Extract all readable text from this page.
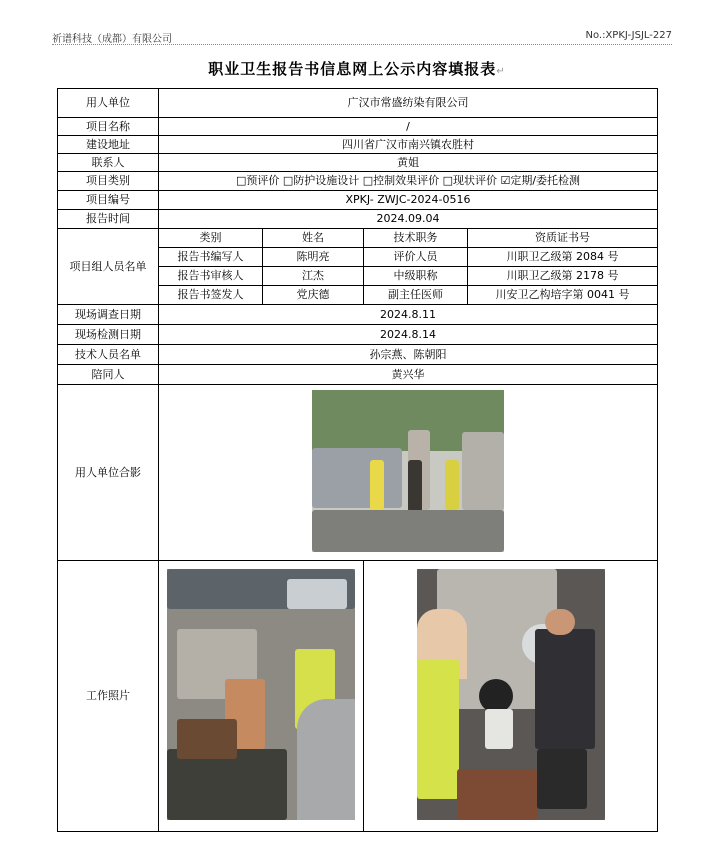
祈谱科技（成都）有限公司	No.:XPKJ-JSJL-227
职业卫生报告书信息网上公示内容填报表↵
用人单位	广汉市常盛纺染有限公司			
项目名称	/			
建设地址	四川省广汉市南兴镇农胜村			
联系人	黄姐			
项目类别	□预评价 □防护设施设计 □控制效果评价 □现状评价 ☑定期/委托检测			
项目编号	XPKJ- ZWJC-2024-0516			
报告时间	2024.09.04			
项目组人员名单	类别	姓名	技术职务	资质证书号
	报告书编写人	陈明亮	评价人员	川职卫乙级第 2084 号
	报告书审核人	江杰	中级职称	川职卫乙级第 2178 号
	报告书签发人	党庆德	副主任医师	川安卫乙构培字第 0041 号
现场调查日期	2024.8.11			
现场检测日期	2024.8.14			
技术人员名单	孙宗燕、陈朝阳			
陪同人	黄兴华			
用人单位合影				

工作照片			
